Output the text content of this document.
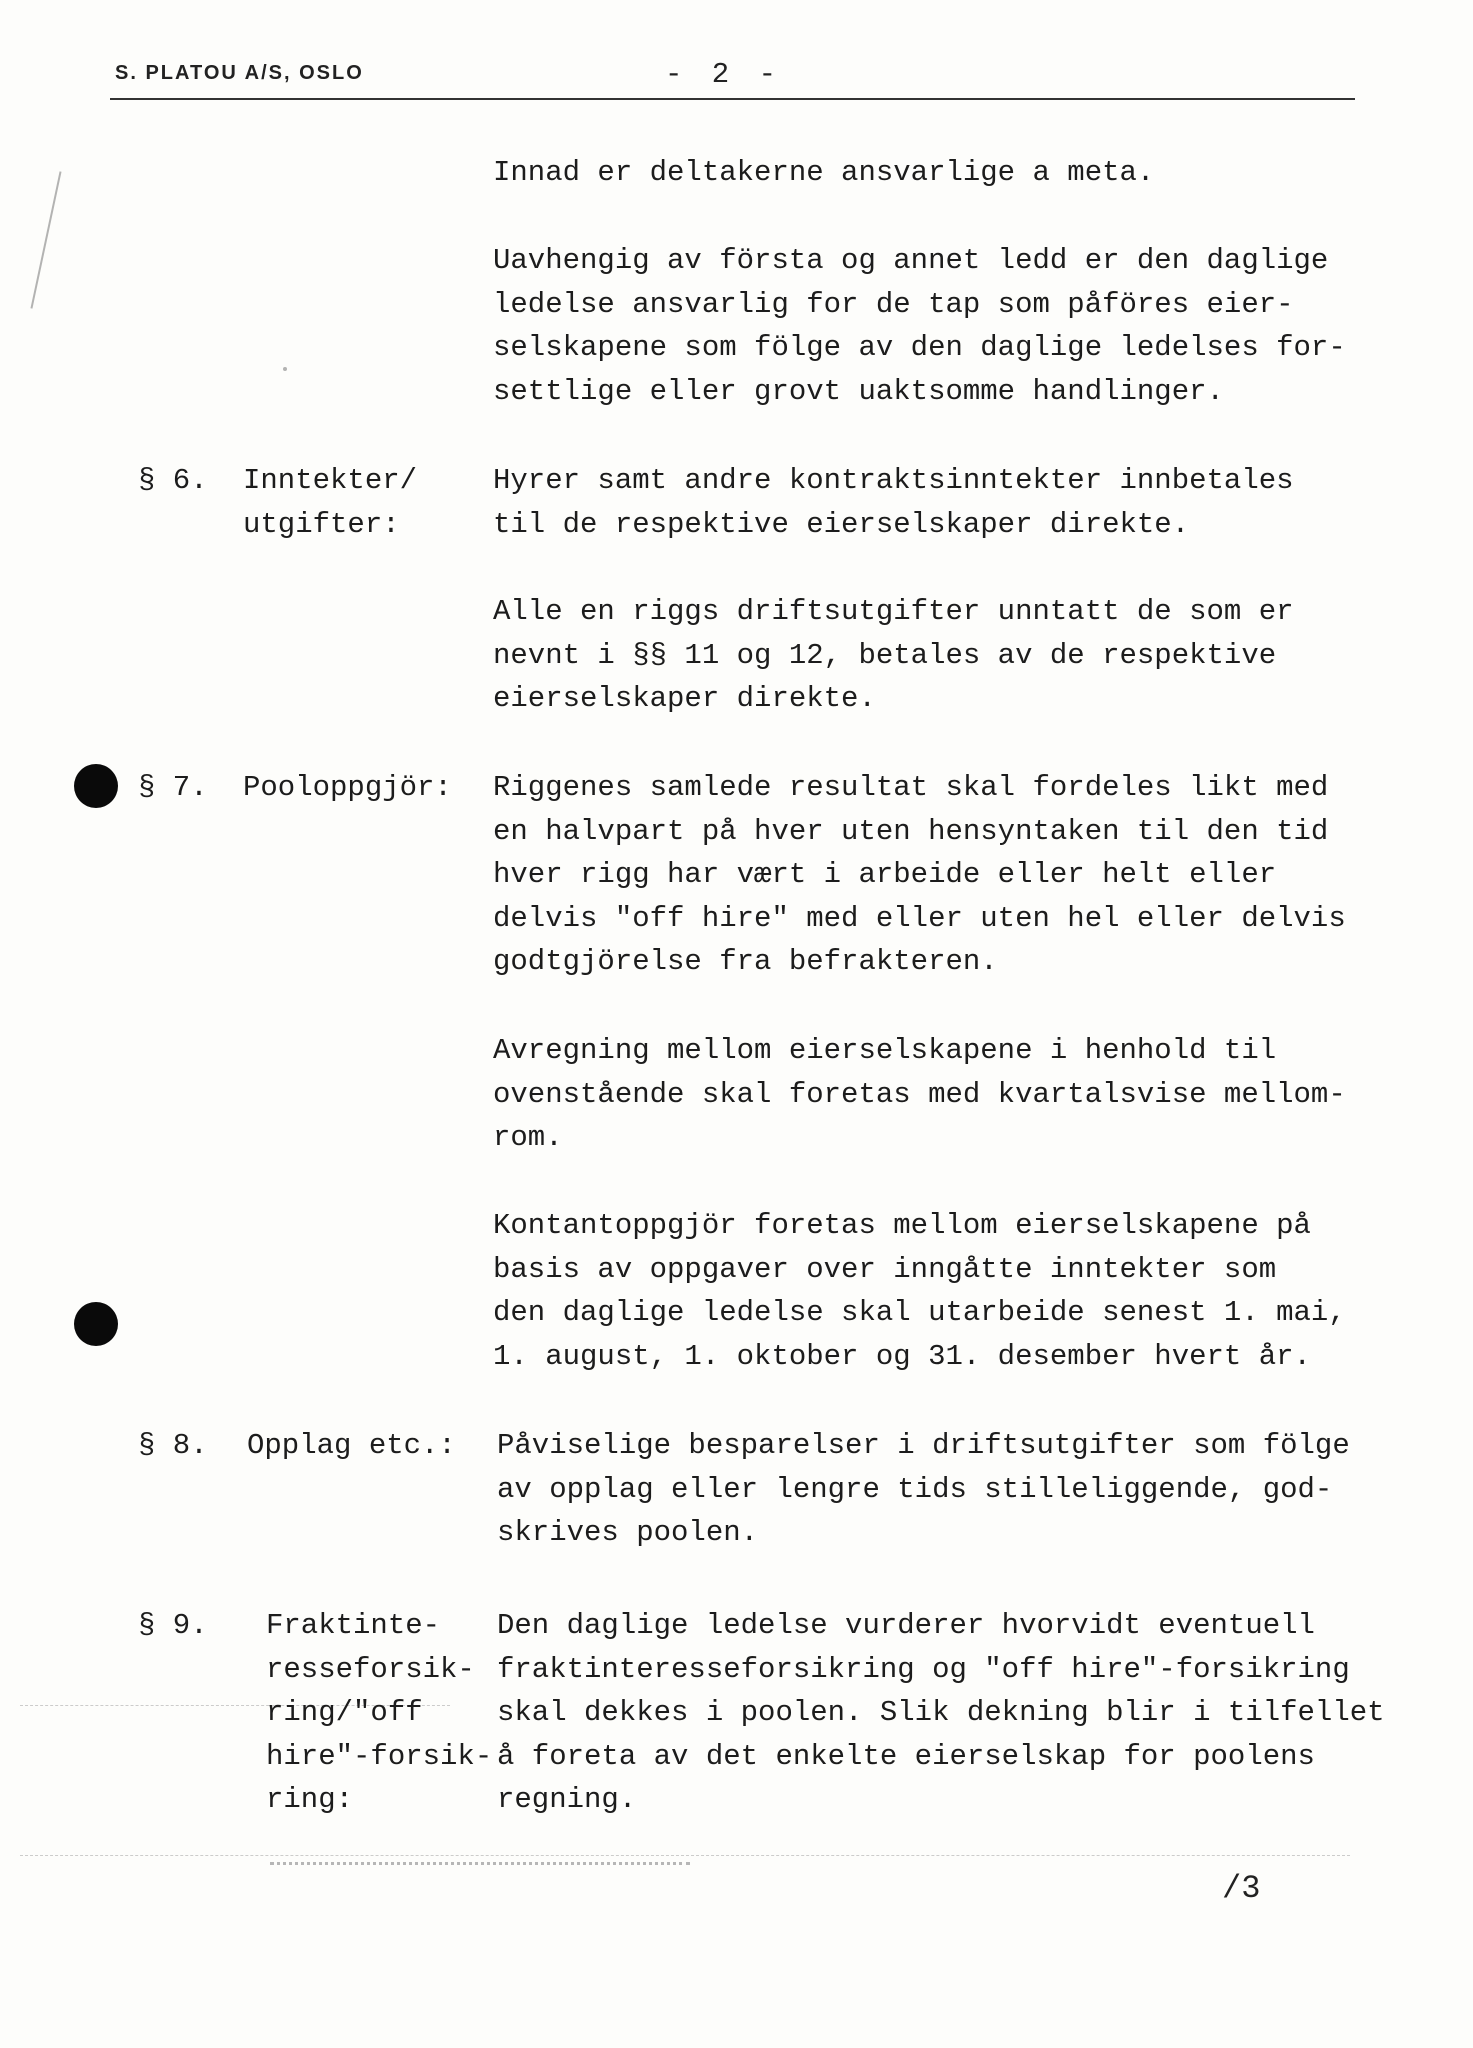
S. PLATOU A/S, OSLO	- 2 -
Innad er deltakerne ansvarlige a meta.
Uavhengig av första og annet ledd er den daglige
ledelse ansvarlig for de tap som påföres eier-
selskapene som fölge av den daglige ledelses for-
settlige eller grovt uaktsomme handlinger.
§ 6. Inntekter/
utgifter:
Hyrer samt andre kontraktsinntekter innbetales
til de respektive eierselskaper direkte.
Alle en riggs driftsutgifter unntatt de som er
nevnt i §§ 11 og 12, betales av de respektive
eierselskaper direkte.
§ 7. Pooloppgjör: Riggenes samlede resultat skal fordeles likt med
en halvpart på hver uten hensyntaken til den tid
hver rigg har vært i arbeide eller helt eller
delvis "off hire" med eller uten hel eller delvis
godtgjörelse fra befrakteren.
Avregning mellom eierselskapene i henhold til
ovenstående skal foretas med kvartalsvise mellom-
rom.
Kontantoppgjör foretas mellom eierselskapene på
basis av oppgaver over inngåtte inntekter som
den daglige ledelse skal utarbeide senest 1. mai,
1. august, 1. oktober og 31. desember hvert år.
§ 8. Opplag etc.: Påviselige besparelser i driftsutgifter som fölge
av opplag eller lengre tids stilleliggende, god-
skrives poolen.
§ 9. Fraktinte-
resseforsik-
ring/"off
hire"-forsik-
ring:
Den daglige ledelse vurderer hvorvidt eventuell
fraktinteresseforsikring og "off hire"-forsikring
skal dekkes i poolen. Slik dekning blir i tilfellet
å foreta av det enkelte eierselskap for poolens
regning.
/3
